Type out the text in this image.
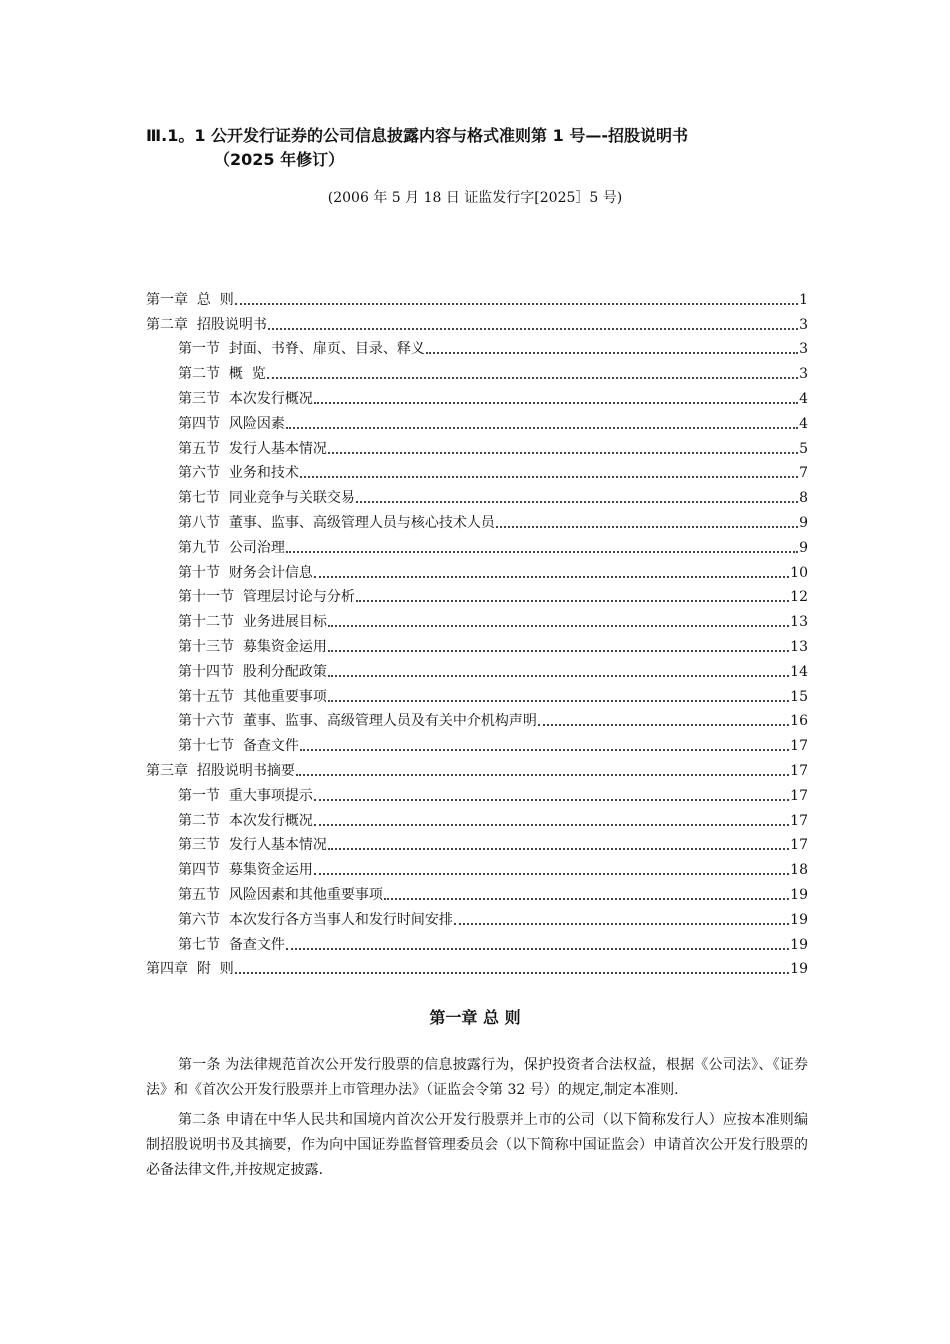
Ⅲ.1。1 公开发行证券的公司信息披露内容与格式准则第 1 号—-招股说明书
（2025 年修订）
(2006 年 5 月 18 日 证监发行字[2025］5 号)
第一章  总  则	1
第二章  招股说明书	3
第一节  封面、书脊、扉页、目录、释义	3
第二节  概  览	3
第三节  本次发行概况	4
第四节  风险因素	4
第五节  发行人基本情况	5
第六节  业务和技术	7
第七节  同业竞争与关联交易	8
第八节  董事、监事、高级管理人员与核心技术人员	9
第九节  公司治理	9
第十节  财务会计信息	10
第十一节  管理层讨论与分析	12
第十二节  业务进展目标	13
第十三节  募集资金运用	13
第十四节  股利分配政策	14
第十五节  其他重要事项	15
第十六节  董事、监事、高级管理人员及有关中介机构声明	16
第十七节  备查文件	17
第三章  招股说明书摘要	17
第一节  重大事项提示	17
第二节  本次发行概况	17
第三节  发行人基本情况	17
第四节  募集资金运用	18
第五节  风险因素和其他重要事项	19
第六节  本次发行各方当事人和发行时间安排	19
第七节  备查文件	19
第四章  附  则	19
第一章 总 则

第一条 为法律规范首次公开发行股票的信息披露行为，保护投资者合法权益，根据《公司法》、《证券法》和《首次公开发行股票并上市管理办法》（证监会令第 32 号）的规定,制定本准则.

第二条 申请在中华人民共和国境内首次公开发行股票并上市的公司（以下简称发行人）应按本准则编制招股说明书及其摘要，作为向中国证券监督管理委员会（以下简称中国证监会）申请首次公开发行股票的必备法律文件,并按规定披露.
